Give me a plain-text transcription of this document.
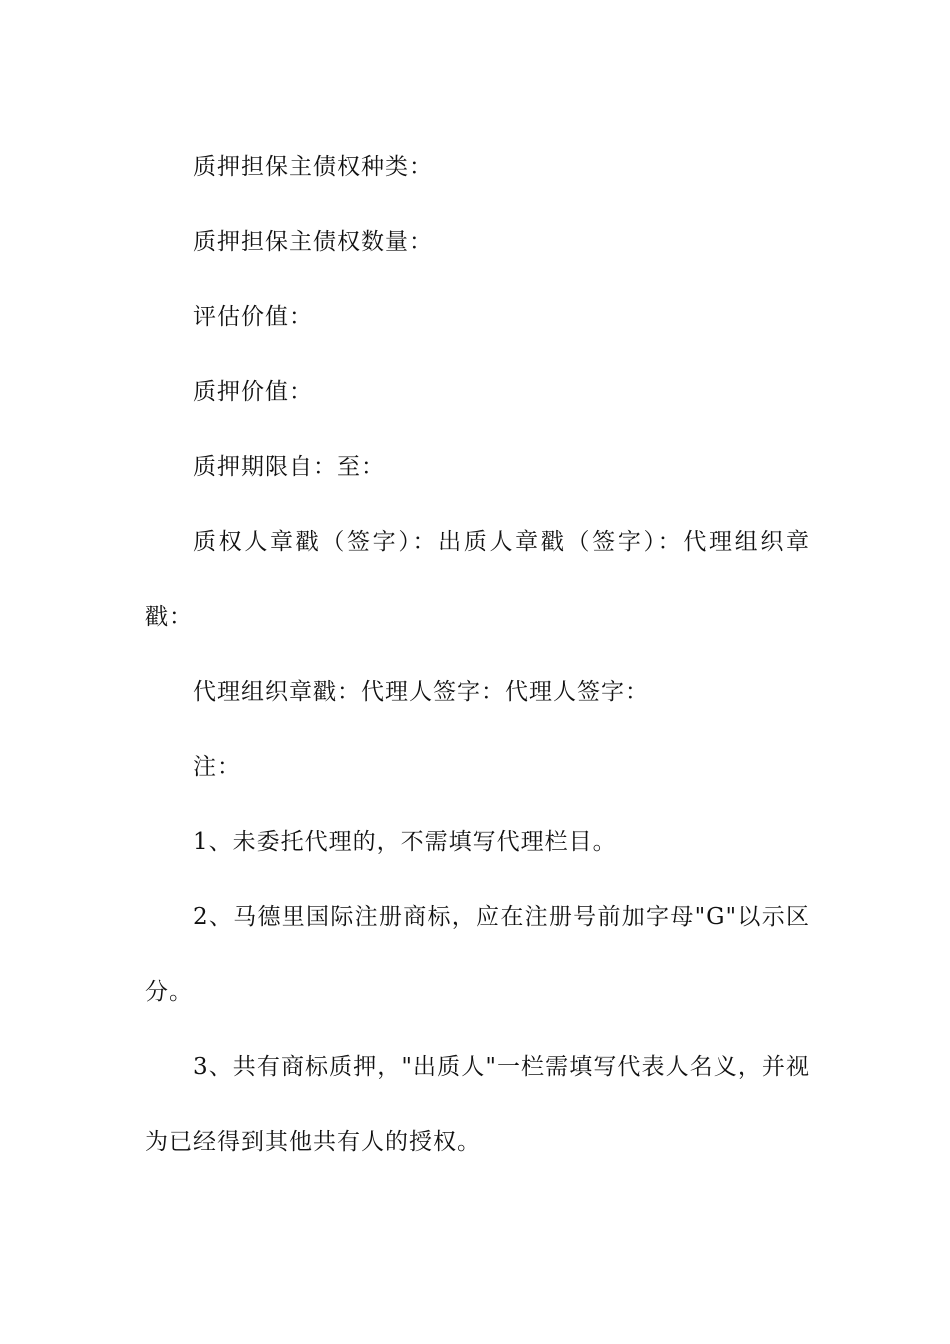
质押担保主债权种类：

质押担保主债权数量：

评估价值：

质押价值：

质押期限自：至：

质权人章戳（签字）：出质人章戳（签字）：代理组织章戳：

代理组织章戳：代理人签字：代理人签字：

注：

1、未委托代理的，不需填写代理栏目。

2、马德里国际注册商标，应在注册号前加字母"G"以示区分。

3、共有商标质押，"出质人"一栏需填写代表人名义，并视为已经得到其他共有人的授权。
